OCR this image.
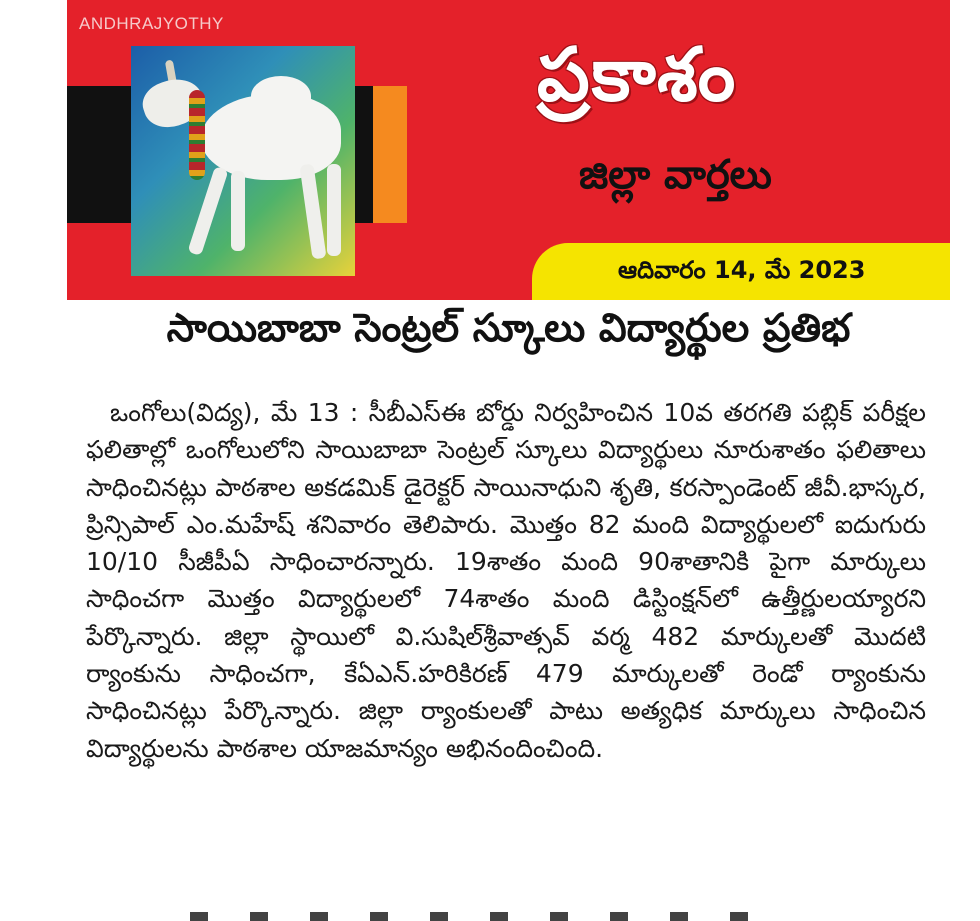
ANDHRAJYOTHY
ప్రకాశం
జిల్లా వార్తలు
ఆదివారం 14, మే 2023
సాయిబాబా సెంట్రల్ స్కూలు విద్యార్థుల ప్రతిభ

ఒంగోలు(విద్య), మే 13 : సీబీఎస్ఈ బోర్డు నిర్వహించిన 10వ తరగతి పబ్లిక్ పరీక్షల ఫలితాల్లో ఒంగోలులోని సాయిబాబా సెంట్రల్ స్కూలు విద్యార్థులు నూరుశాతం ఫలితాలు సాధించినట్లు పాఠశాల అకడమిక్ డైరెక్టర్ సాయినాధుని శృతి, కరస్పాండెంట్ జీవీ.భాస్కర, ప్రిన్సిపాల్ ఎం.మహేష్ శనివారం తెలిపారు. మొత్తం 82 మంది విద్యార్థులలో ఐదుగురు 10/10 సీజీపీఏ సాధించారన్నారు. 19శాతం మంది 90శాతానికి పైగా మార్కులు సాధించగా మొత్తం విద్యార్థులలో 74శాతం మంది డిస్టింక్షన్‌లో ఉత్తీర్ణులయ్యారని పేర్కొన్నారు. జిల్లా స్థాయిలో వి.సుషిల్‌శ్రీవాత్సవ్ వర్మ 482 మార్కులతో మొదటి ర్యాంకును సాధించగా, కేఏఎన్.హరికిరణ్ 479 మార్కులతో రెండో ర్యాంకును సాధించినట్లు పేర్కొన్నారు. జిల్లా ర్యాంకులతో పాటు అత్యధిక మార్కులు సాధించిన విద్యార్థులను పాఠశాల యాజమాన్యం అభినందించింది.
